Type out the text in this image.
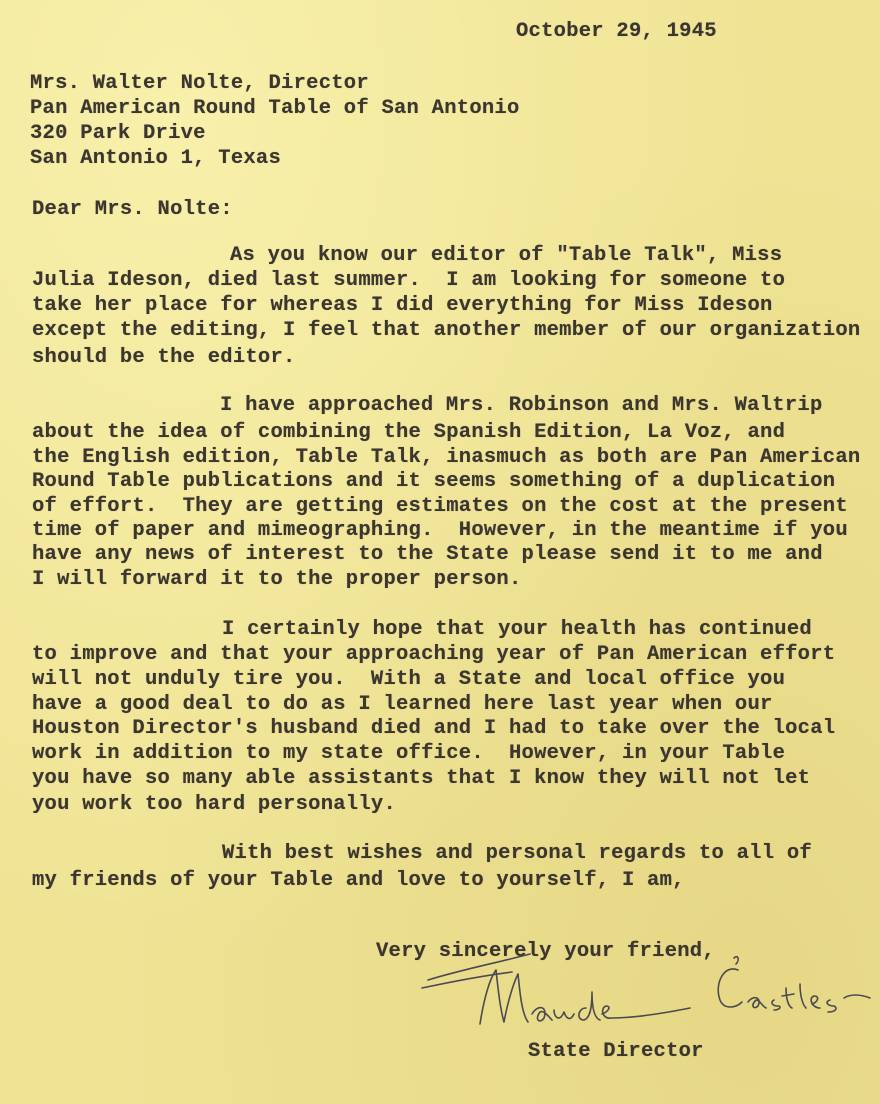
October 29, 1945
Mrs. Walter Nolte, Director
Pan American Round Table of San Antonio
320 Park Drive
San Antonio 1, Texas
Dear Mrs. Nolte:
As you know our editor of "Table Talk", Miss
Julia Ideson, died last summer.  I am looking for someone to
take her place for whereas I did everything for Miss Ideson
except the editing, I feel that another member of our organization
should be the editor.
I have approached Mrs. Robinson and Mrs. Waltrip
about the idea of combining the Spanish Edition, La Voz, and
the English edition, Table Talk, inasmuch as both are Pan American
Round Table publications and it seems something of a duplication
of effort.  They are getting estimates on the cost at the present
time of paper and mimeographing.  However, in the meantime if you
have any news of interest to the State please send it to me and
I will forward it to the proper person.
I certainly hope that your health has continued
to improve and that your approaching year of Pan American effort
will not unduly tire you.  With a State and local office you
have a good deal to do as I learned here last year when our
Houston Director's husband died and I had to take over the local
work in addition to my state office.  However, in your Table
you have so many able assistants that I know they will not let
you work too hard personally.
With best wishes and personal regards to all of
my friends of your Table and love to yourself, I am,
Very sincerely your friend,
State Director
